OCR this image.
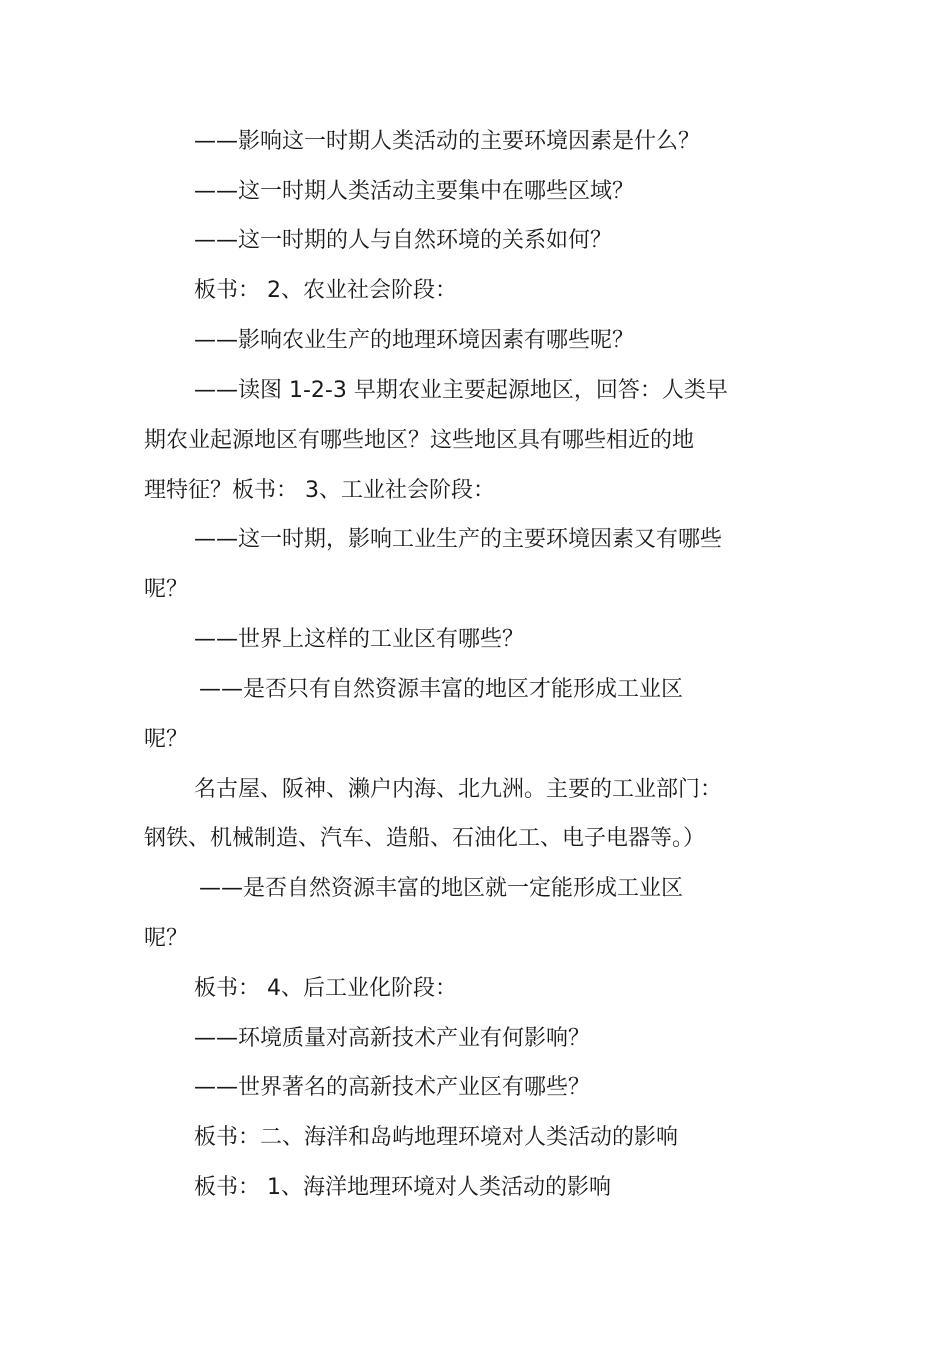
——影响这一时期人类活动的主要环境因素是什么？

——这一时期人类活动主要集中在哪些区域？

——这一时期的人与自然环境的关系如何？

板书： 2、农业社会阶段：

——影响农业生产的地理环境因素有哪些呢？

——读图 1-2-3 早期农业主要起源地区，回答：人类早

期农业起源地区有哪些地区？这些地区具有哪些相近的地

理特征？板书： 3、工业社会阶段：

——这一时期，影响工业生产的主要环境因素又有哪些

呢？

——世界上这样的工业区有哪些？

——是否只有自然资源丰富的地区才能形成工业区

呢？

名古屋、阪神、濑户内海、北九洲。主要的工业部门：

钢铁、机械制造、汽车、造船、石油化工、电子电器等。）

——是否自然资源丰富的地区就一定能形成工业区

呢？

板书： 4、后工业化阶段：

——环境质量对高新技术产业有何影响？

——世界著名的高新技术产业区有哪些？

板书：二、海洋和岛屿地理环境对人类活动的影响

板书： 1、海洋地理环境对人类活动的影响
